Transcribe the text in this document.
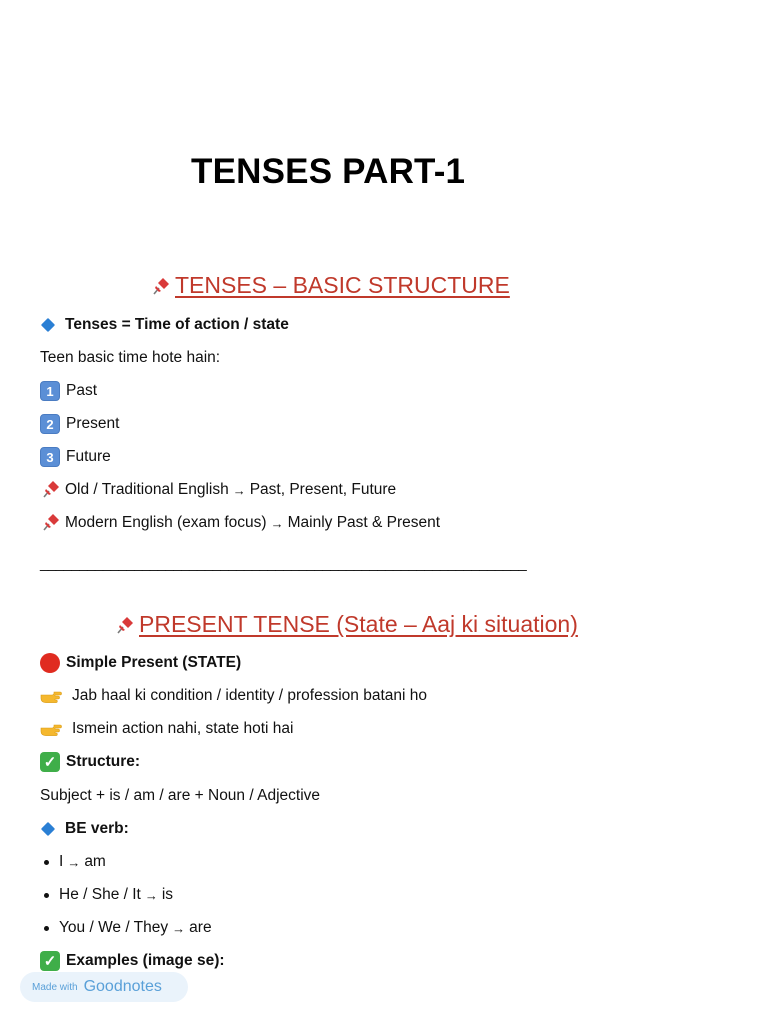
TENSES PART-1
TENSES – BASIC STRUCTURE
Tenses = Time of action / state
Teen basic time hote hain:
1 Past
2 Present
3 Future
Old / Traditional English → Past, Present, Future
Modern English (exam focus) → Mainly Past & Present
______________________________________________________________
PRESENT TENSE (State – Aaj ki situation)
Simple Present (STATE)
Jab haal ki condition / identity / profession batani ho
Ismein action nahi, state hoti hai
✓ Structure:
Subject + is / am / are + Noun / Adjective
BE verb:
I → am
He / She / It → is
You / We / They → are
✓ Examples (image se):
Made with Goodnotes
